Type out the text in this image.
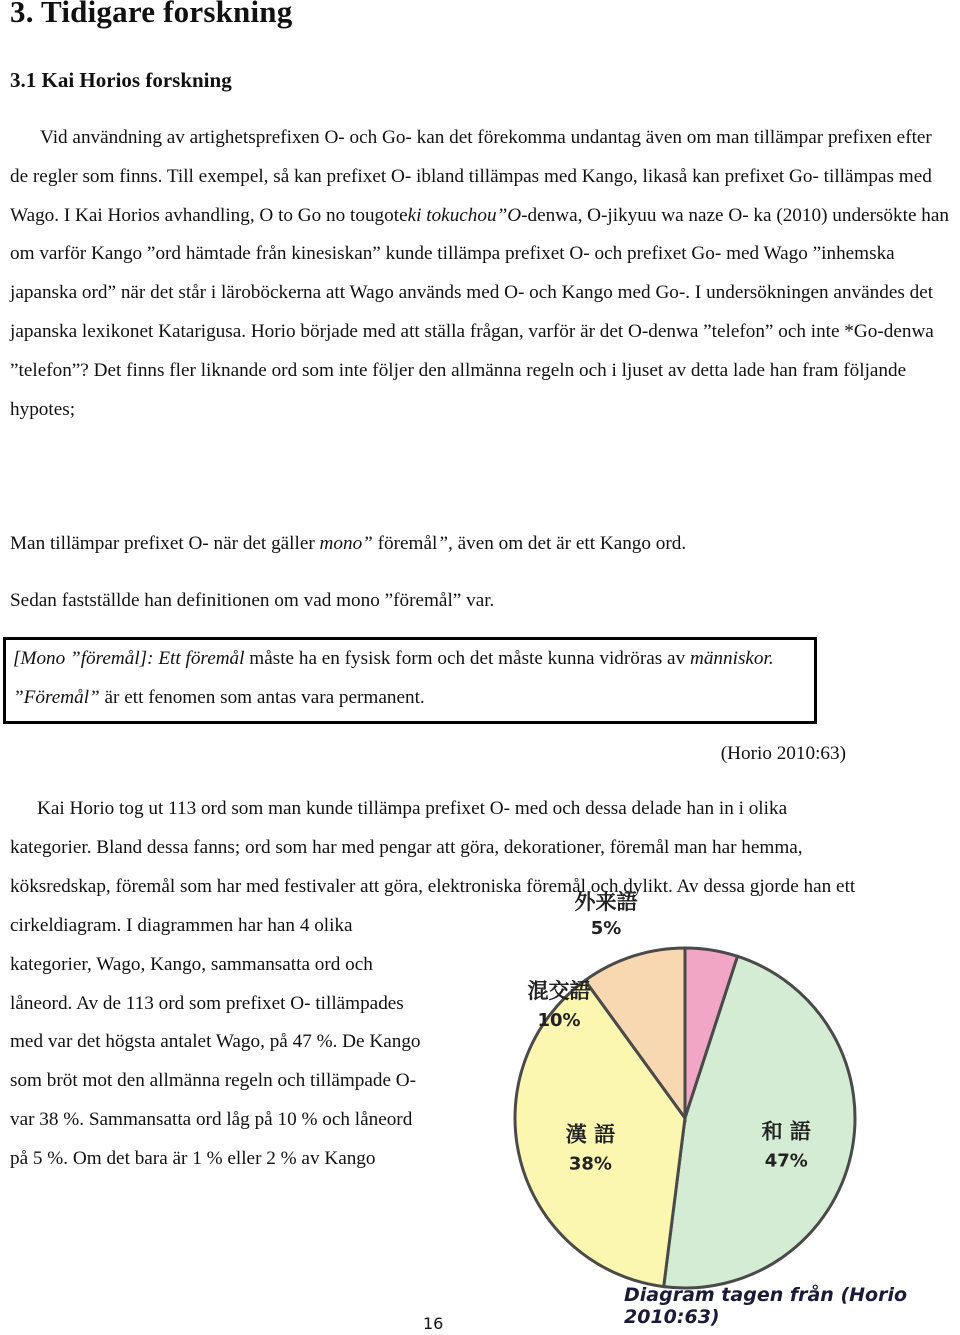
3. Tidigare forskning
3.1 Kai Horios forskning

Vid användning av artighetsprefixen O- och Go- kan det förekomma undantag även om man tillämpar prefixen efter de regler som finns. Till exempel, så kan prefixet O- ibland tillämpas med Kango, likaså kan prefixet Go- tillämpas med Wago. I Kai Horios avhandling, O to Go no tougoteki tokuchou”O-denwa, O-jikyuu wa naze O- ka (2010) undersökte han om varför Kango ”ord hämtade från kinesiskan” kunde tillämpa prefixet O- och prefixet Go- med Wago ”inhemska japanska ord” när det står i läroböckerna att Wago används med O- och Kango med Go-. I undersökningen användes det japanska lexikonet Katarigusa. Horio började med att ställa frågan, varför är det O-denwa ”telefon” och inte *Go-denwa ”telefon”? Det finns fler liknande ord som inte följer den allmänna regeln och i ljuset av detta lade han fram följande hypotes;

Man tillämpar prefixet O- när det gäller mono” föremål”, även om det är ett Kango ord.

Sedan fastställde han definitionen om vad mono ”föremål” var.

[Mono ”föremål]: Ett föremål måste ha en fysisk form och det måste kunna vidröras av människor. ”Föremål” är ett fenomen som antas vara permanent.

(Horio 2010:63)

Kai Horio tog ut 113 ord som man kunde tillämpa prefixet O- med och dessa delade han in i olika kategorier. Bland dessa fanns; ord som har med pengar att göra, dekorationer, föremål man har hemma, köksredskap, föremål som har med festivaler att göra, elektroniska föremål och dylikt. Av dessa gjorde han ett

cirkeldiagram. I diagrammen har han 4 olika kategorier, Wago, Kango, sammansatta ord och låneord. Av de 113 ord som prefixet O- tillämpades med var det högsta antalet Wago, på 47 %. De Kango som bröt mot den allmänna regeln och tillämpade O- var 38 %. Sammansatta ord låg på 10 % och låneord på 5 %. Om det bara är 1 % eller 2 % av Kango

外来語
5%
和 語
47%
漢 語
38%
混交語
10%
Diagram tagen från (Horio 2010:63)
16
